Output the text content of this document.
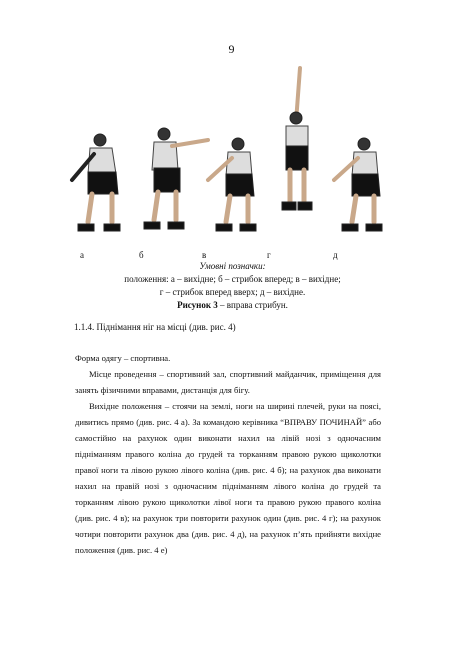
9
а	б	в	г	д
Умовні позначки:
положення: а – вихідне; б – стрибок вперед; в – вихідне;
г – стрибок вперед вверх; д – вихідне.
Рисунок 3 – вправа стрибун.
1.1.4. Піднімання ніг на місці (див. рис. 4)

Форма одягу – спортивна.

Місце проведення – спортивний зал, спортивний майданчик, приміщення для занять фізичними вправами, дистанція для бігу.

Вихідне положення – стоячи на землі, ноги на ширині плечей, руки на поясі, дивитись прямо (див. рис. 4 а). За командою керівника “ВПРАВУ ПОЧИНАЙ” або самостійно на рахунок один виконати нахил на лівій нозі з одночасним підніманням правого коліна до грудей та торканням правою рукою щиколотки правої ноги та лівою рукою лівого коліна (див. рис. 4 б); на рахунок два виконати нахил на правій нозі з одночасним підніманням лівого коліна до грудей та торканням лівою рукою щиколотки лівої ноги та правою рукою правого коліна (див. рис. 4 в); на рахунок три повторити рахунок один (див. рис. 4 г); на рахунок чотири повторити рахунок два (див. рис. 4 д), на рахунок п’ять прийняти вихідне положення (див. рис. 4 е)
